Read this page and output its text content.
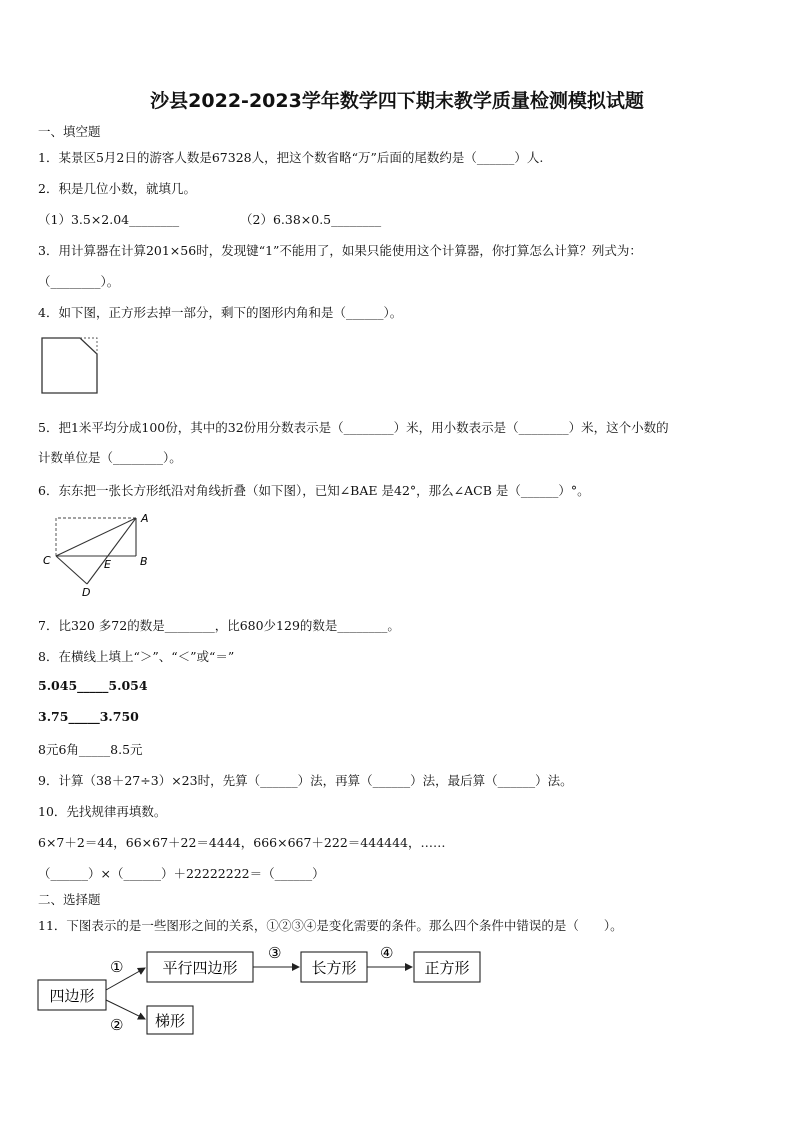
沙县2022-2023学年数学四下期末教学质量检测模拟试题
一、填空题
1．某景区5月2日的游客人数是67328人，把这个数省略“万”后面的尾数约是（______）人.
2．积是几位小数，就填几。
（1）3.5×2.04________	（2）6.38×0.5________
3．用计算器在计算201×56时，发现键“1”不能用了，如果只能使用这个计算器，你打算怎么计算？列式为：
（________）。
4．如下图，正方形去掉一部分，剩下的图形内角和是（______）。
5．把1米平均分成100份，其中的32份用分数表示是（________）米，用小数表示是（________）米，这个小数的
计数单位是（________）。
6．东东把一张长方形纸沿对角线折叠（如下图），已知∠BAE 是42°，那么∠ACB 是（______）°。
A
B
C
D
E
7．比320 多72的数是________，比680少129的数是________。
8．在横线上填上“＞”、“＜”或“＝”
5.045_____5.054
3.75_____3.750
8元6角_____8.5元
9．计算（38＋27÷3）×23时，先算（______）法，再算（______）法，最后算（______）法。
10．先找规律再填数。
6×7＋2＝44，66×67＋22＝4444，666×667＋222＝444444，……
（______）×（______）＋22222222＝（______）
二、选择题
11．下图表示的是一些图形之间的关系，①②③④是变化需要的条件。那么四个条件中错误的是（　　）。
四边形
平行四边形	长方形	正方形
梯形
①
②
③	④
